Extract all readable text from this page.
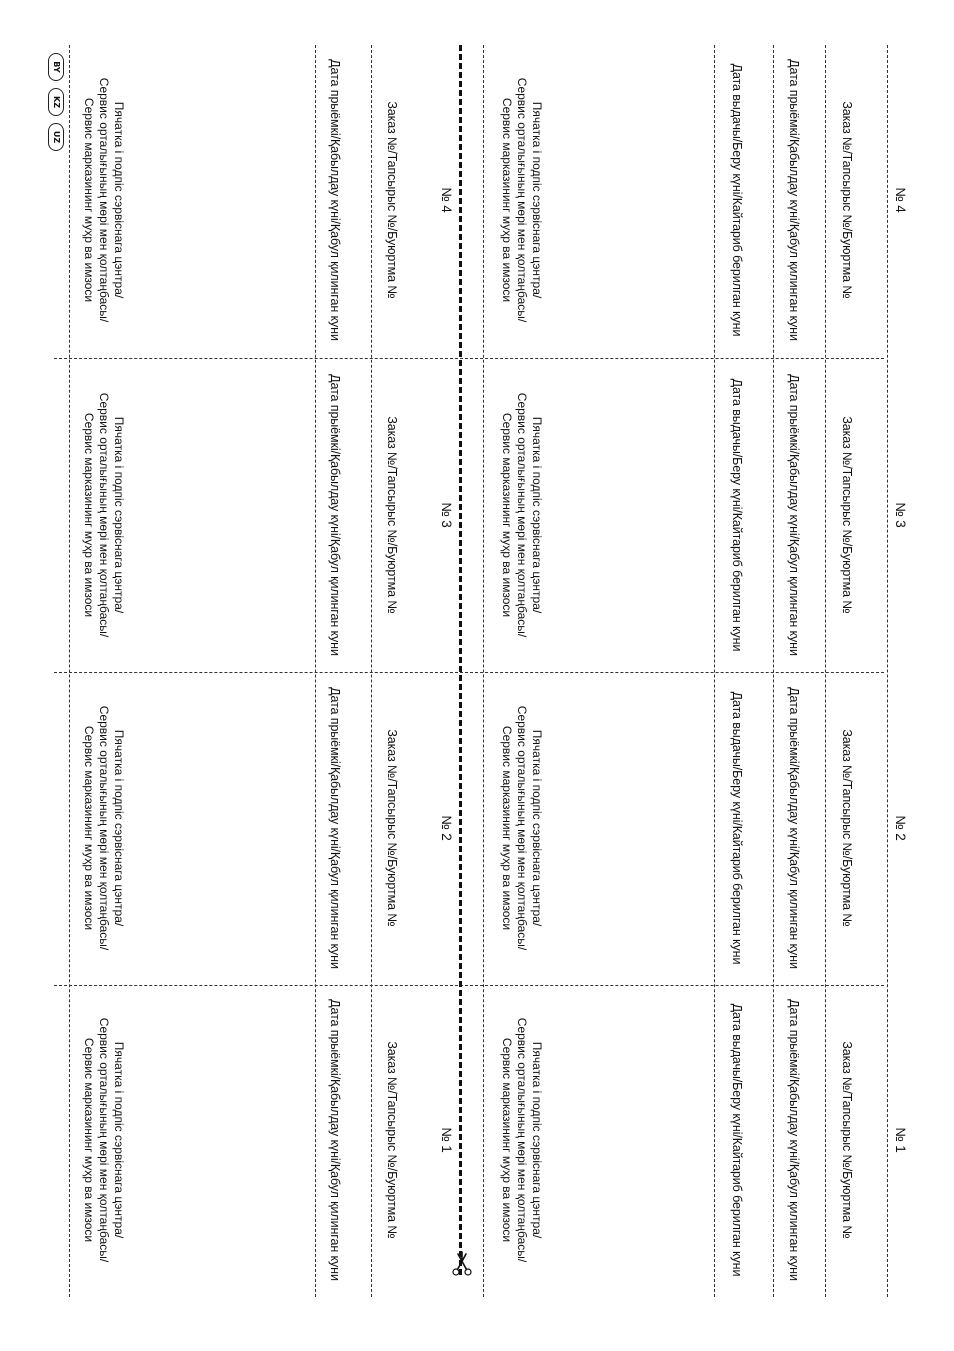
№ 4
Заказ №/Тапсырыс №/Буюртма №
Дата прыёмкі/Қабылдау күні/Қабул қилинган куни
Дата выдачы/Беру күні/Кайтариб берилган куни
Пячатка і подпіс сэрвіснага цэнтра/
Сервис орталығының мөрі мен қолтаңбасы/
Сервис марказининг муҳр ва имзоси
№ 4
Заказ №/Тапсырыс №/Буюртма №
Дата прыёмкі/Қабылдау күні/Қабул қилинган куни
Пячатка і подпіс сэрвіснага цэнтра/
Сервис орталығының мөрі мен қолтаңбасы/
Сервис марказининг муҳр ва имзоси
№ 3
Заказ №/Тапсырыс №/Буюртма №
Дата прыёмкі/Қабылдау күні/Қабул қилинган куни
Дата выдачы/Беру күні/Кайтариб берилган куни
Пячатка і подпіс сэрвіснага цэнтра/
Сервис орталығының мөрі мен қолтаңбасы/
Сервис марказининг муҳр ва имзоси
№ 3
Заказ №/Тапсырыс №/Буюртма №
Дата прыёмкі/Қабылдау күні/Қабул қилинган куни
Пячатка і подпіс сэрвіснага цэнтра/
Сервис орталығының мөрі мен қолтаңбасы/
Сервис марказининг муҳр ва имзоси
№ 2
Заказ №/Тапсырыс №/Буюртма №
Дата прыёмкі/Қабылдау күні/Қабул қилинган куни
Дата выдачы/Беру күні/Кайтариб берилган куни
Пячатка і подпіс сэрвіснага цэнтра/
Сервис орталығының мөрі мен қолтаңбасы/
Сервис марказининг муҳр ва имзоси
№ 2
Заказ №/Тапсырыс №/Буюртма №
Дата прыёмкі/Қабылдау күні/Қабул қилинган куни
Пячатка і подпіс сэрвіснага цэнтра/
Сервис орталығының мөрі мен қолтаңбасы/
Сервис марказининг муҳр ва имзоси
№ 1
Заказ №/Тапсырыс №/Буюртма №
Дата прыёмкі/Қабылдау күні/Қабул қилинган куни
Дата выдачы/Беру күні/Кайтариб берилган куни
Пячатка і подпіс сэрвіснага цэнтра/
Сервис орталығының мөрі мен қолтаңбасы/
Сервис марказининг муҳр ва имзоси
№ 1
Заказ №/Тапсырыс №/Буюртма №
Дата прыёмкі/Қабылдау күні/Қабул қилинган куни
Пячатка і подпіс сэрвіснага цэнтра/
Сервис орталығының мөрі мен қолтаңбасы/
Сервис марказининг муҳр ва имзоси
BY
KZ
UZ
